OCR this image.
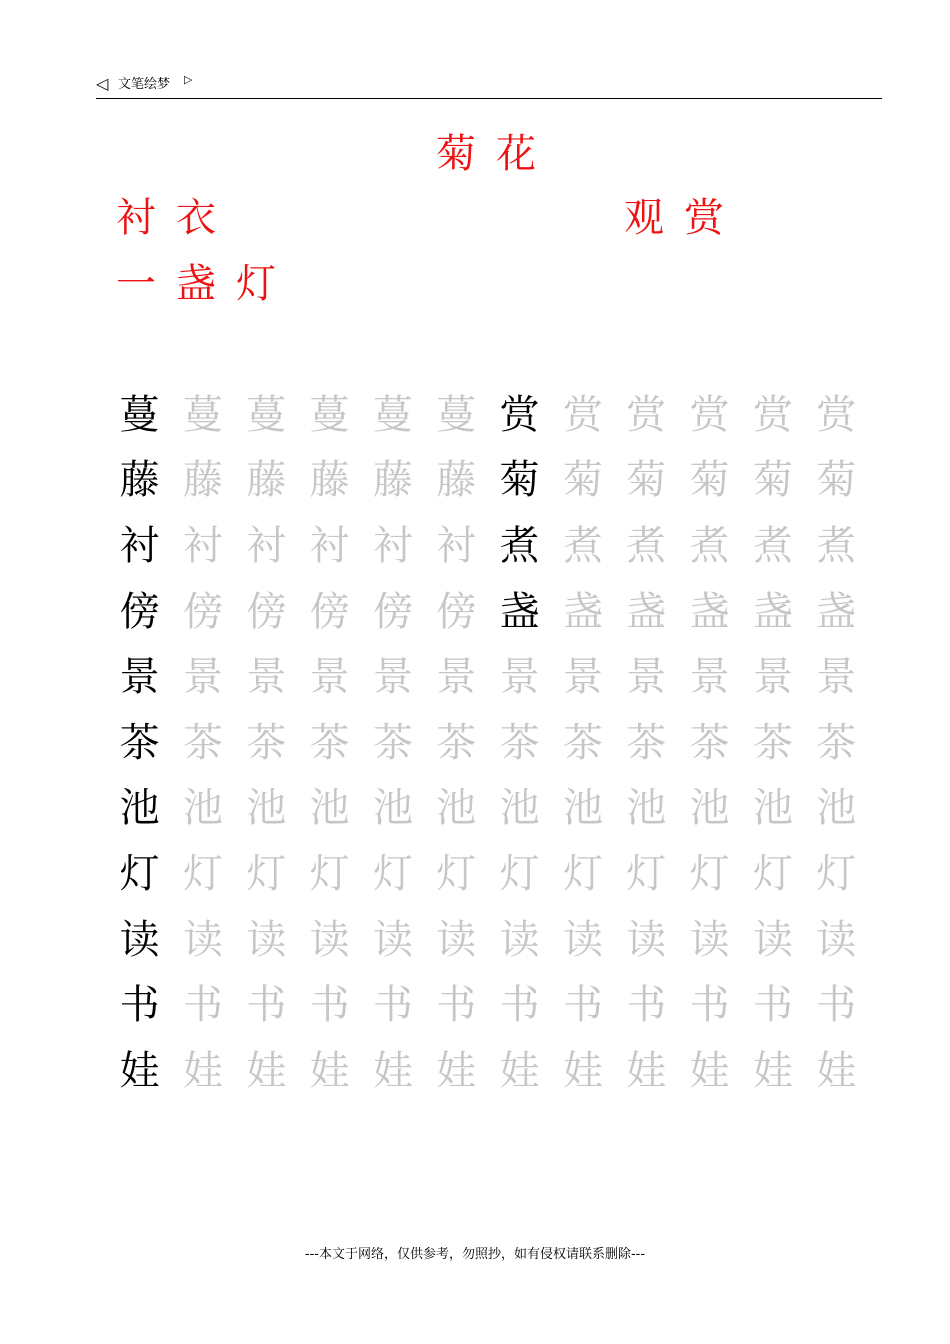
◁ 文笔绘梦 ▷
菊花
衬衣	观赏
一盏灯
蔓 蔓 蔓 蔓 蔓 蔓 赏 赏 赏 赏 赏 赏
藤 藤 藤 藤 藤 藤 菊 菊 菊 菊 菊 菊
衬 衬 衬 衬 衬 衬 煮 煮 煮 煮 煮 煮
傍 傍 傍 傍 傍 傍 盏 盏 盏 盏 盏 盏
景 景 景 景 景 景 景 景 景 景 景 景
茶 茶 茶 茶 茶 茶 茶 茶 茶 茶 茶 茶
池 池 池 池 池 池 池 池 池 池 池 池
灯 灯 灯 灯 灯 灯 灯 灯 灯 灯 灯 灯
读 读 读 读 读 读 读 读 读 读 读 读
书 书 书 书 书 书 书 书 书 书 书 书
娃 娃 娃 娃 娃 娃 娃 娃 娃 娃 娃 娃
---本文于网络，仅供参考，勿照抄，如有侵权请联系删除---
